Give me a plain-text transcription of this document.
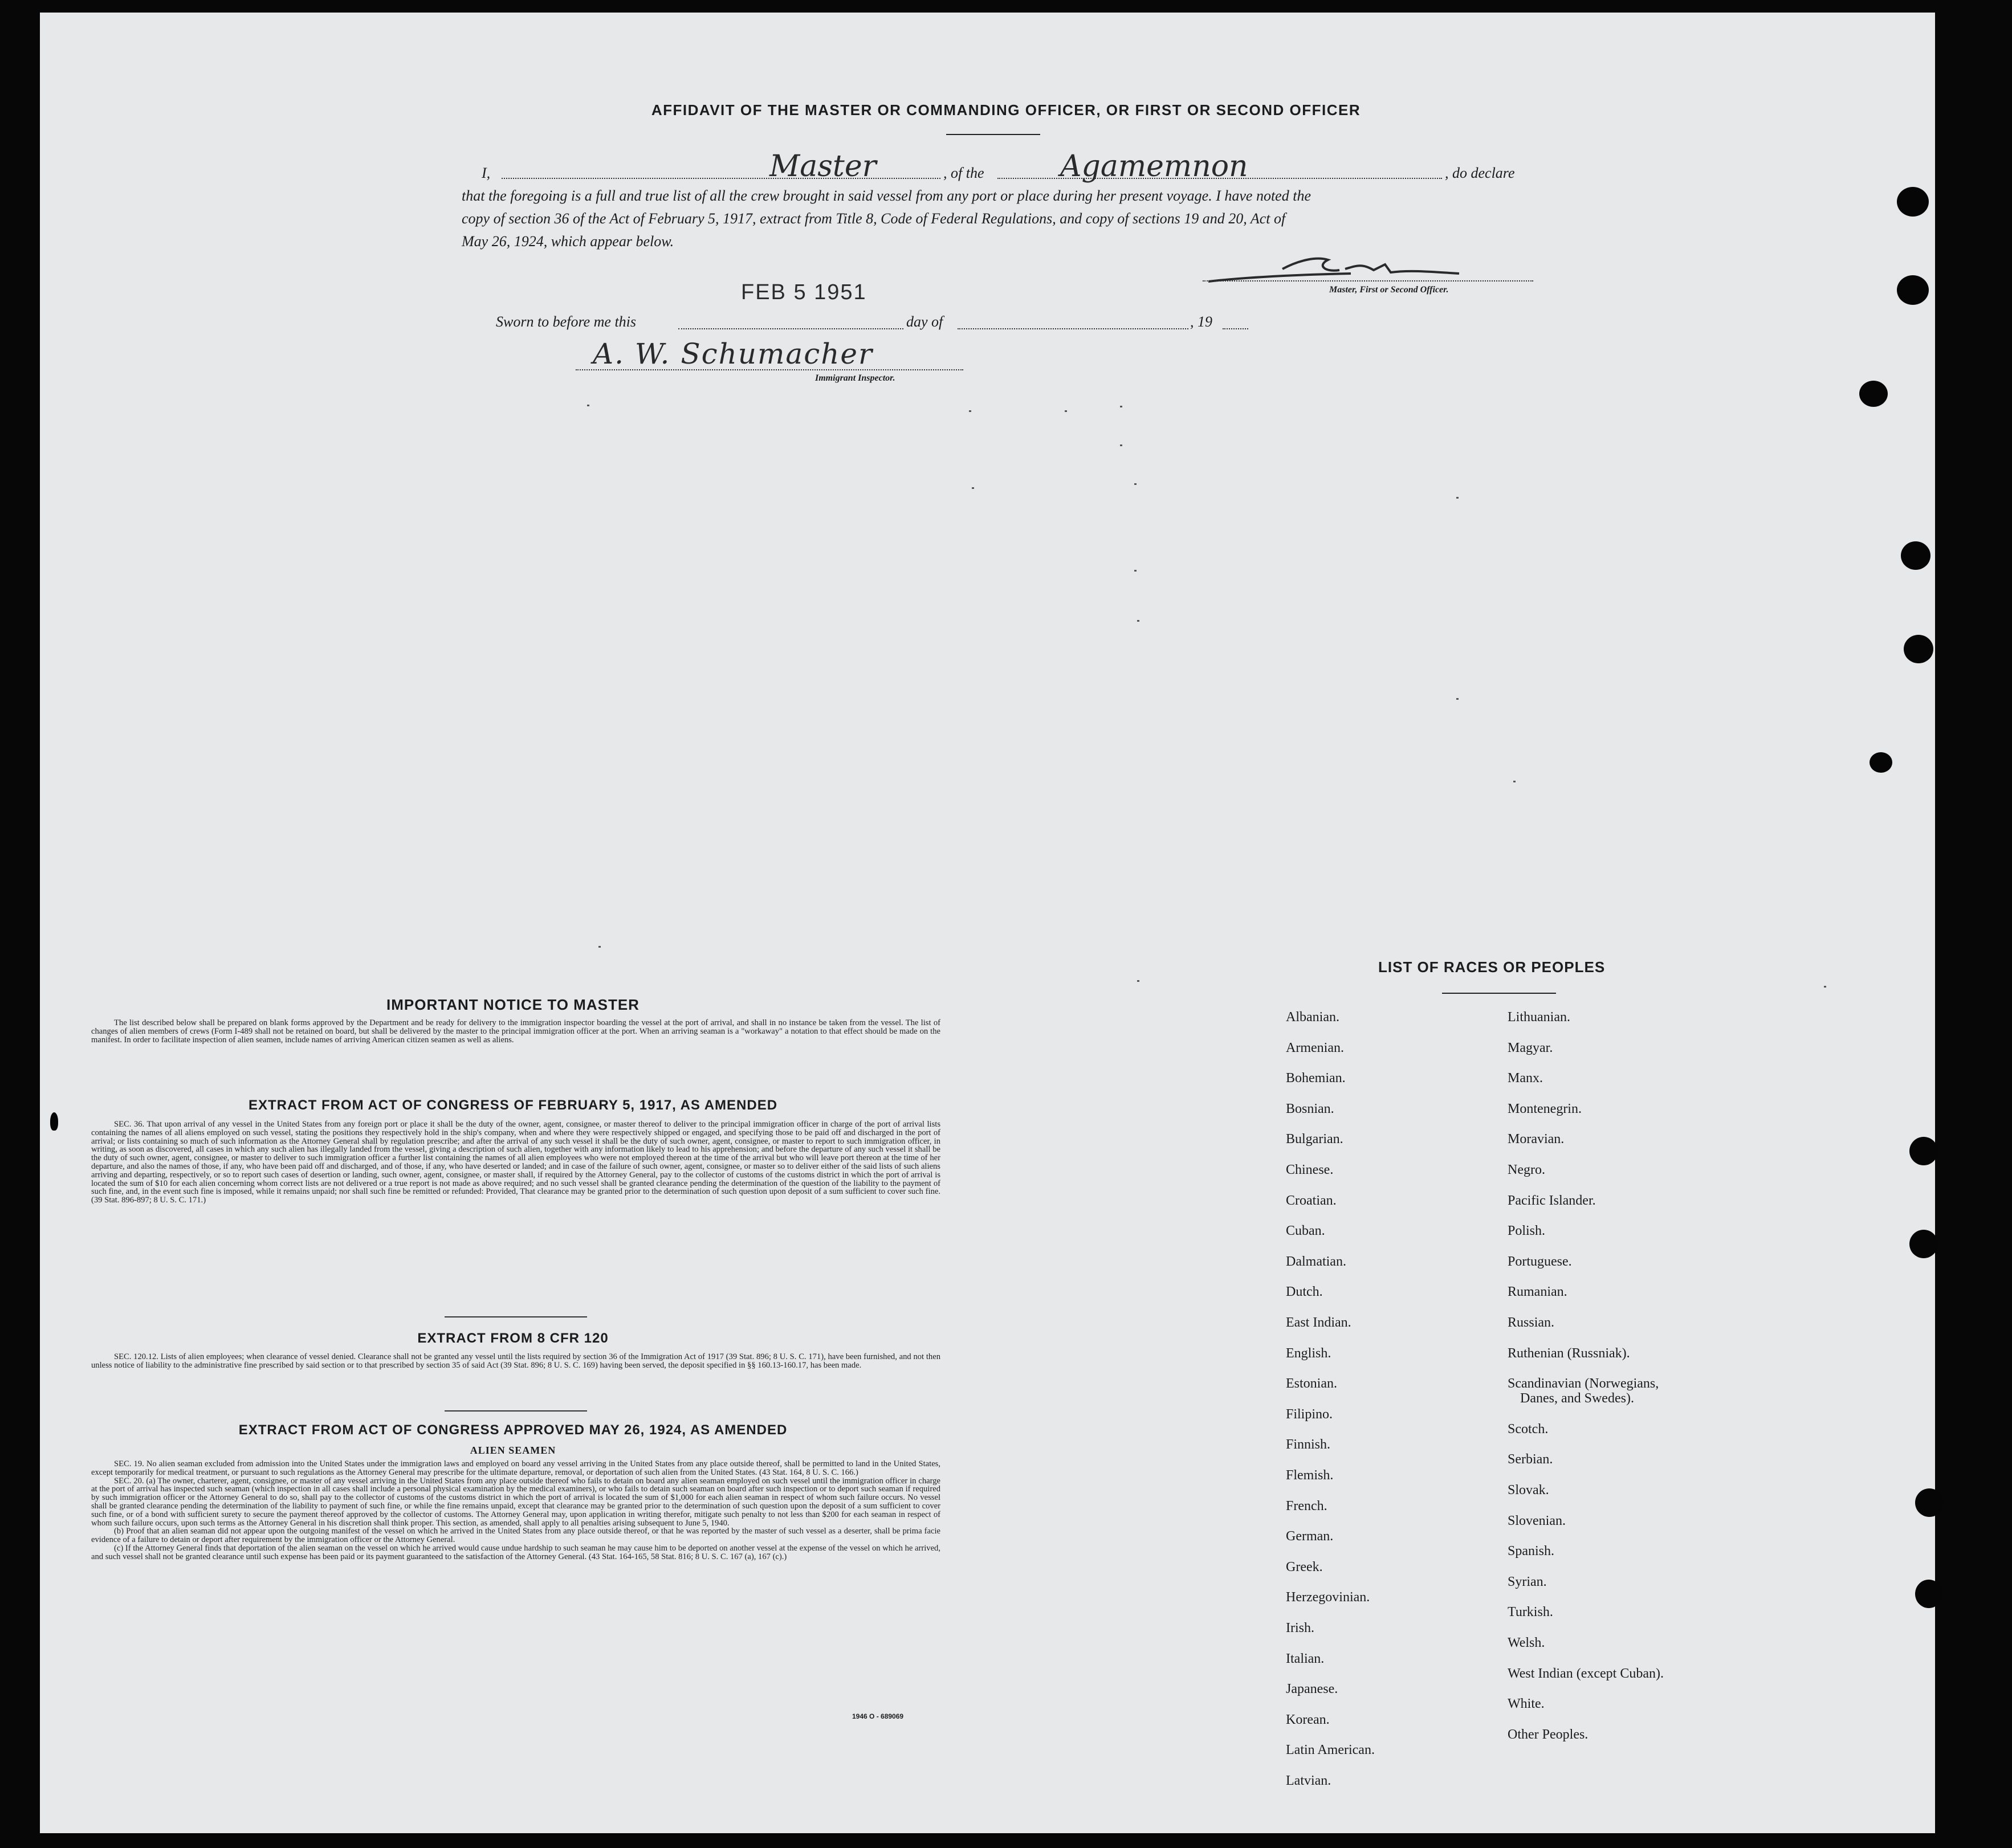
AFFIDAVIT OF THE MASTER OR COMMANDING OFFICER, OR FIRST OR SECOND OFFICER
I,	Master	, of the	Agamemnon	, do declare
that the foregoing is a full and true list of all the crew brought in said vessel from any port or place during her present voyage. I have noted the
copy of section 36 of the Act of February 5, 1917, extract from Title 8, Code of Federal Regulations, and copy of sections 19 and 20, Act of
May 26, 1924, which appear below.
Master, First or Second Officer.
Sworn to before me this
FEB 5 1951
day of	, 19
A. W. Schumacher
Immigrant Inspector.
IMPORTANT NOTICE TO MASTER

The list described below shall be prepared on blank forms approved by the Department and be ready for delivery to the immigration inspector boarding the vessel at the port of arrival, and shall in no instance be taken from the vessel. The list of changes of alien members of crews (Form I-489 shall not be retained on board, but shall be delivered by the master to the principal immigration officer at the port. When an arriving seaman is a "workaway" a notation to that effect should be made on the manifest. In order to facilitate inspection of alien seamen, include names of arriving American citizen seamen as well as aliens.

EXTRACT FROM ACT OF CONGRESS OF FEBRUARY 5, 1917, AS AMENDED

SEC. 36. That upon arrival of any vessel in the United States from any foreign port or place it shall be the duty of the owner, agent, consignee, or master thereof to deliver to the principal immigration officer in charge of the port of arrival lists containing the names of all aliens employed on such vessel, stating the positions they respectively hold in the ship's company, when and where they were respectively shipped or engaged, and specifying those to be paid off and discharged in the port of arrival; or lists containing so much of such information as the Attorney General shall by regulation prescribe; and after the arrival of any such vessel it shall be the duty of such owner, agent, consignee, or master to report to such immigration officer, in writing, as soon as discovered, all cases in which any such alien has illegally landed from the vessel, giving a description of such alien, together with any information likely to lead to his apprehension; and before the departure of any such vessel it shall be the duty of such owner, agent, consignee, or master to deliver to such immigration officer a further list containing the names of all alien employees who were not employed thereon at the time of the arrival but who will leave port thereon at the time of her departure, and also the names of those, if any, who have been paid off and discharged, and of those, if any, who have deserted or landed; and in case of the failure of such owner, agent, consignee, or master so to deliver either of the said lists of such aliens arriving and departing, respectively, or so to report such cases of desertion or landing, such owner, agent, consignee, or master shall, if required by the Attorney General, pay to the collector of customs of the customs district in which the port of arrival is located the sum of $10 for each alien concerning whom correct lists are not delivered or a true report is not made as above required; and no such vessel shall be granted clearance pending the determination of the question of the liability to the payment of such fine, and, in the event such fine is imposed, while it remains unpaid; nor shall such fine be remitted or refunded: Provided, That clearance may be granted prior to the determination of such question upon deposit of a sum sufficient to cover such fine. (39 Stat. 896-897; 8 U. S. C. 171.)

EXTRACT FROM 8 CFR 120

SEC. 120.12. Lists of alien employees; when clearance of vessel denied. Clearance shall not be granted any vessel until the lists required by section 36 of the Immigration Act of 1917 (39 Stat. 896; 8 U. S. C. 171), have been furnished, and not then unless notice of liability to the administrative fine prescribed by said section or to that prescribed by section 35 of said Act (39 Stat. 896; 8 U. S. C. 169) having been served, the deposit specified in §§ 160.13-160.17, has been made.

EXTRACT FROM ACT OF CONGRESS APPROVED MAY 26, 1924, AS AMENDED
ALIEN SEAMEN

SEC. 19. No alien seaman excluded from admission into the United States under the immigration laws and employed on board any vessel arriving in the United States from any place outside thereof, shall be permitted to land in the United States, except temporarily for medical treatment, or pursuant to such regulations as the Attorney General may prescribe for the ultimate departure, removal, or deportation of such alien from the United States. (43 Stat. 164, 8 U. S. C. 166.)

SEC. 20. (a) The owner, charterer, agent, consignee, or master of any vessel arriving in the United States from any place outside thereof who fails to detain on board any alien seaman employed on such vessel until the immigration officer in charge at the port of arrival has inspected such seaman (which inspection in all cases shall include a personal physical examination by the medical examiners), or who fails to detain such seaman on board after such inspection or to deport such seaman if required by such immigration officer or the Attorney General to do so, shall pay to the collector of customs of the customs district in which the port of arrival is located the sum of $1,000 for each alien seaman in respect of whom such failure occurs. No vessel shall be granted clearance pending the determination of the liability to payment of such fine, or while the fine remains unpaid, except that clearance may be granted prior to the determination of such question upon the deposit of a sum sufficient to cover such fine, or of a bond with sufficient surety to secure the payment thereof approved by the collector of customs. The Attorney General may, upon application in writing therefor, mitigate such penalty to not less than $200 for each seaman in respect of whom such failure occurs, upon such terms as the Attorney General in his discretion shall think proper. This section, as amended, shall apply to all penalties arising subsequent to June 5, 1940.

(b) Proof that an alien seaman did not appear upon the outgoing manifest of the vessel on which he arrived in the United States from any place outside thereof, or that he was reported by the master of such vessel as a deserter, shall be prima facie evidence of a failure to detain or deport after requirement by the immigration officer or the Attorney General.

(c) If the Attorney General finds that deportation of the alien seaman on the vessel on which he arrived would cause undue hardship to such seaman he may cause him to be deported on another vessel at the expense of the vessel on which he arrived, and such vessel shall not be granted clearance until such expense has been paid or its payment guaranteed to the satisfaction of the Attorney General. (43 Stat. 164-165, 58 Stat. 816; 8 U. S. C. 167 (a), 167 (c).)

1946 O - 689069
LIST OF RACES OR PEOPLES
Albanian.
Armenian.
Bohemian.
Bosnian.
Bulgarian.
Chinese.
Croatian.
Cuban.
Dalmatian.
Dutch.
East Indian.
English.
Estonian.
Filipino.
Finnish.
Flemish.
French.
German.
Greek.
Herzegovinian.
Irish.
Italian.
Japanese.
Korean.
Latin American.
Latvian.
Lithuanian.
Magyar.
Manx.
Montenegrin.
Moravian.
Negro.
Pacific Islander.
Polish.
Portuguese.
Rumanian.
Russian.
Ruthenian (Russniak).
Scandinavian (Norwegians,
Danes, and Swedes).
Scotch.
Serbian.
Slovak.
Slovenian.
Spanish.
Syrian.
Turkish.
Welsh.
West Indian (except Cuban).
White.
Other Peoples.
